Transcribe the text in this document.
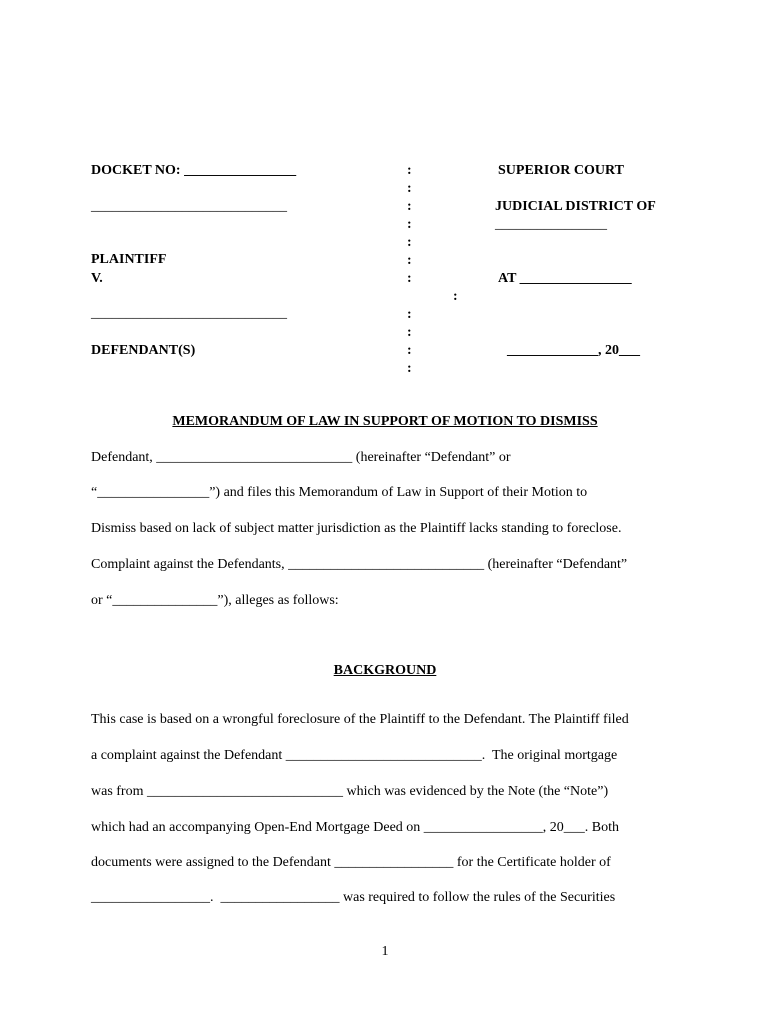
DOCKET NO: ________________
____________________________
PLAINTIFF
V.
____________________________
DEFENDANT(S)
:
:
:
:
:
:
:
:
:
:
:
:
SUPERIOR COURT
JUDICIAL DISTRICT OF
________________
AT ________________
_____________, 20___
MEMORANDUM OF LAW IN SUPPORT OF MOTION TO DISMISS
Defendant, ____________________________ (hereinafter “Defendant” or
“________________”) and files this Memorandum of Law in Support of their Motion to
Dismiss based on lack of subject matter jurisdiction as the Plaintiff lacks standing to foreclose.
Complaint against the Defendants, ____________________________ (hereinafter “Defendant”
or “_______________”), alleges as follows:
BACKGROUND
This case is based on a wrongful foreclosure of the Plaintiff to the Defendant. The Plaintiff filed
a complaint against the Defendant ____________________________.  The original mortgage
was from ____________________________ which was evidenced by the Note (the “Note”)
which had an accompanying Open-End Mortgage Deed on _________________, 20___. Both
documents were assigned to the Defendant _________________ for the Certificate holder of
_________________.  _________________ was required to follow the rules of the Securities
1
